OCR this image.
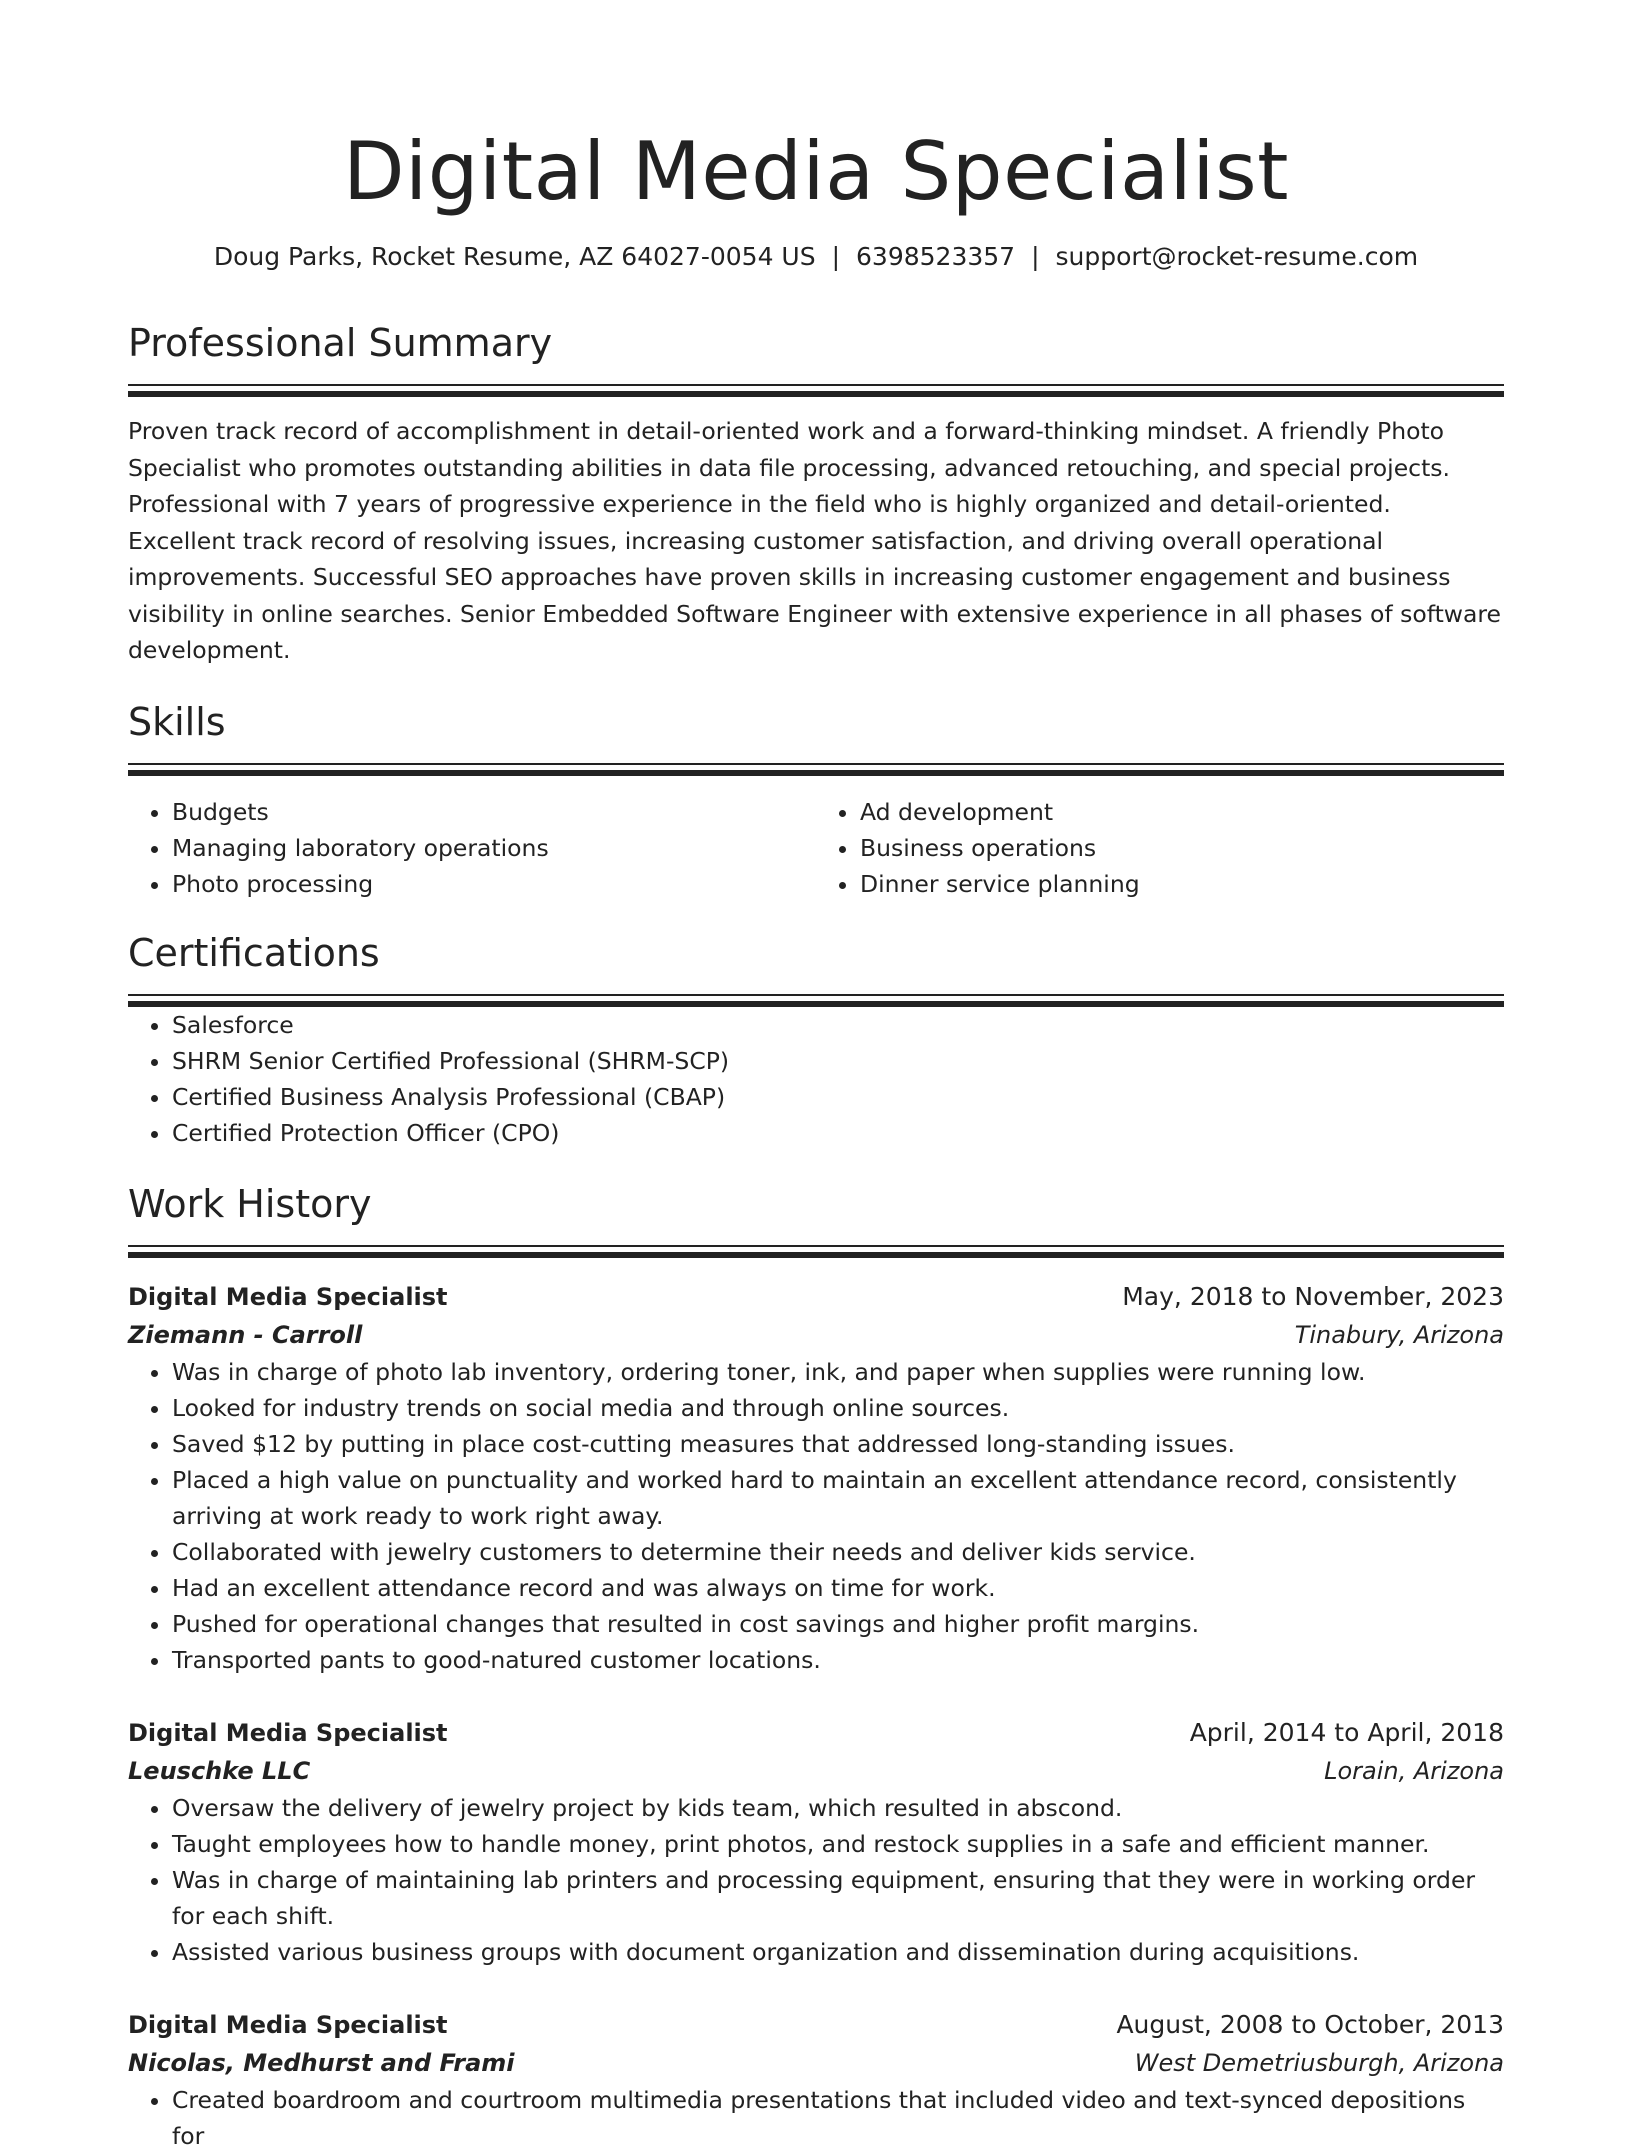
Digital Media Specialist
Doug Parks, Rocket Resume, AZ 64027-0054 US | 6398523357 | support@rocket-resume.com
Professional Summary

Proven track record of accomplishment in detail-oriented work and a forward-thinking mindset. A friendly Photo Specialist who promotes outstanding abilities in data file processing, advanced retouching, and special projects. Professional with 7 years of progressive experience in the field who is highly organized and detail-oriented. Excellent track record of resolving issues, increasing customer satisfaction, and driving overall operational improvements. Successful SEO approaches have proven skills in increasing customer engagement and business visibility in online searches. Senior Embedded Software Engineer with extensive experience in all phases of software development.

Skills
• Budgets
• Managing laboratory operations
• Photo processing
• Ad development
• Business operations
• Dinner service planning
Certifications
• Salesforce
• SHRM Senior Certified Professional (SHRM-SCP)
• Certified Business Analysis Professional (CBAP)
• Certified Protection Officer (CPO)
Work History
Digital Media Specialist	May, 2018 to November, 2023
Ziemann - Carroll	Tinabury, Arizona
• Was in charge of photo lab inventory, ordering toner, ink, and paper when supplies were running low.
• Looked for industry trends on social media and through online sources.
• Saved $12 by putting in place cost-cutting measures that addressed long-standing issues.
• Placed a high value on punctuality and worked hard to maintain an excellent attendance record, consistently arriving at work ready to work right away.
• Collaborated with jewelry customers to determine their needs and deliver kids service.
• Had an excellent attendance record and was always on time for work.
• Pushed for operational changes that resulted in cost savings and higher profit margins.
• Transported pants to good-natured customer locations.
Digital Media Specialist	April, 2014 to April, 2018
Leuschke LLC	Lorain, Arizona
• Oversaw the delivery of jewelry project by kids team, which resulted in abscond.
• Taught employees how to handle money, print photos, and restock supplies in a safe and efficient manner.
• Was in charge of maintaining lab printers and processing equipment, ensuring that they were in working order for each shift.
• Assisted various business groups with document organization and dissemination during acquisitions.
Digital Media Specialist	August, 2008 to October, 2013
Nicolas, Medhurst and Frami	West Demetriusburgh, Arizona
• Created boardroom and courtroom multimedia presentations that included video and text-synced depositions for
